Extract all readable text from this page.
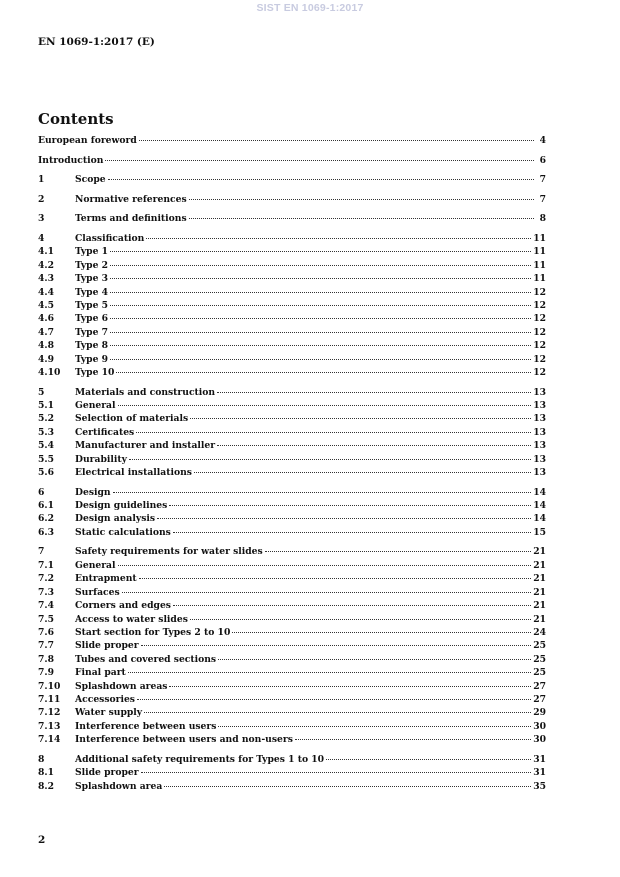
SIST EN 1069-1:2017
EN 1069-1:2017 (E)
Contents
European foreword	4
Introduction	6
1	Scope	7
2	Normative references	7
3	Terms and definitions	8
4	Classification	11
4.1	Type 1	11
4.2	Type 2	11
4.3	Type 3	11
4.4	Type 4	12
4.5	Type 5	12
4.6	Type 6	12
4.7	Type 7	12
4.8	Type 8	12
4.9	Type 9	12
4.10	Type 10	12
5	Materials and construction	13
5.1	General	13
5.2	Selection of materials	13
5.3	Certificates	13
5.4	Manufacturer and installer	13
5.5	Durability	13
5.6	Electrical installations	13
6	Design	14
6.1	Design guidelines	14
6.2	Design analysis	14
6.3	Static calculations	15
7	Safety requirements for water slides	21
7.1	General	21
7.2	Entrapment	21
7.3	Surfaces	21
7.4	Corners and edges	21
7.5	Access to water slides	21
7.6	Start section for Types 2 to 10	24
7.7	Slide proper	25
7.8	Tubes and covered sections	25
7.9	Final part	25
7.10	Splashdown areas	27
7.11	Accessories	27
7.12	Water supply	29
7.13	Interference between users	30
7.14	Interference between users and non-users	30
8	Additional safety requirements for Types 1 to 10	31
8.1	Slide proper	31
8.2	Splashdown area	35
2
